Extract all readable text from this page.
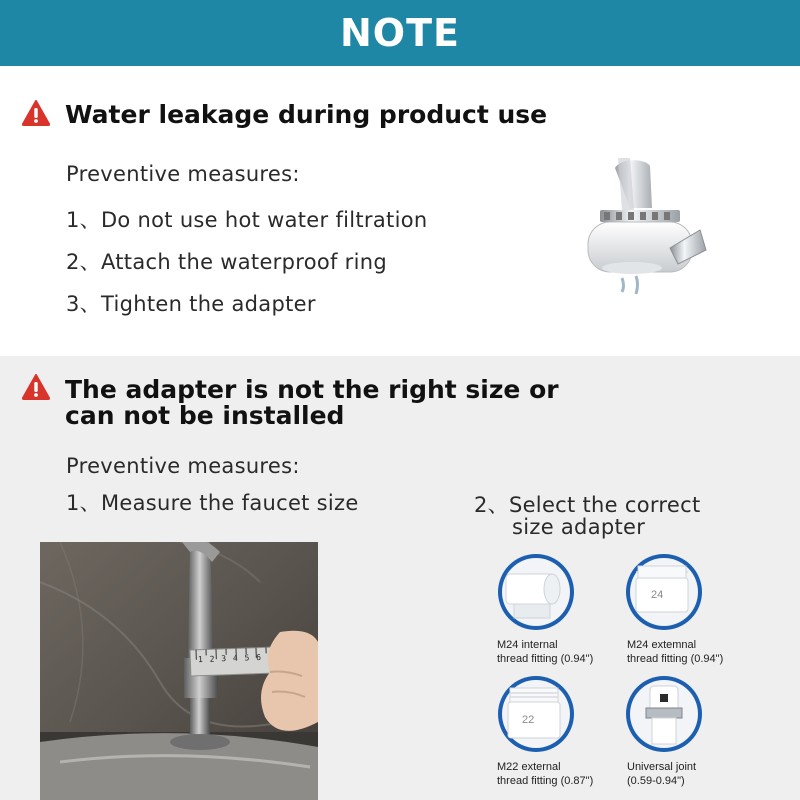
NOTE
Water leakage during product use
Preventive measures:
1、Do not use hot water filtration
2、Attach the waterproof ring
3、Tighten the adapter
The adapter is not the right size or
can not be installed
Preventive measures:
1、Measure the faucet size	2、Select the correct
size adapter
1 2 3 4 5 6
M24 internal
thread fitting (0.94")
24
M24 extemnal
thread fitting (0.94")
22
M22 external
thread fitting (0.87")
Universal joint
(0.59-0.94")
